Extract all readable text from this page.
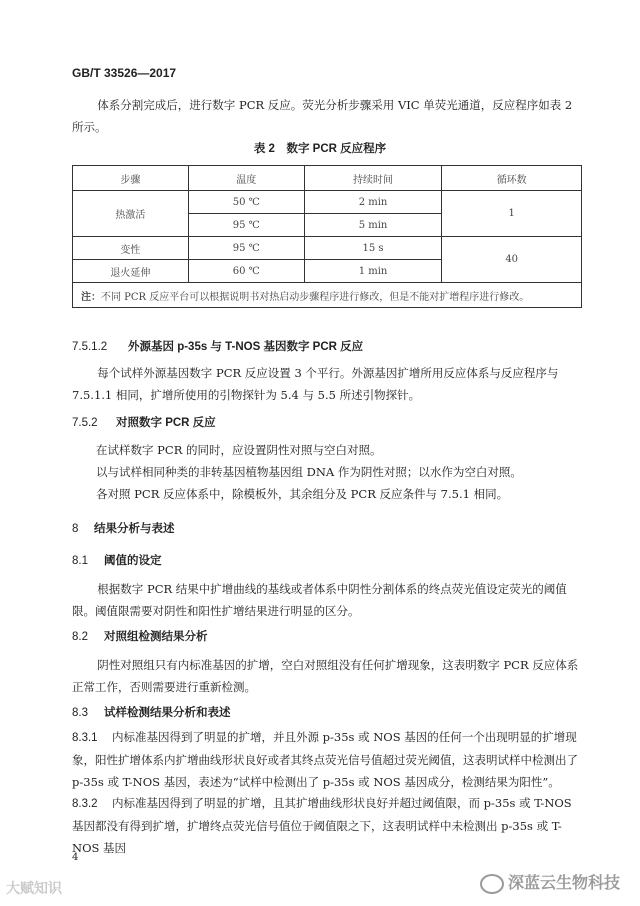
GB/T 33526—2017
体系分割完成后，进行数字 PCR 反应。荧光分析步骤采用 VIC 单荧光通道，反应程序如表 2 所示。
表 2　数字 PCR 反应程序
步骤	温度	持续时间	循环数
热激活	50 ℃	2 min	1
	95 ℃	5 min	
变性	95 ℃	15 s	40
退火延伸	60 ℃	1 min	
注：不同 PCR 反应平台可以根据说明书对热启动步骤程序进行修改，但是不能对扩增程序进行修改。			
7.5.1.2 外源基因 p-35s 与 T-NOS 基因数字 PCR 反应
每个试样外源基因数字 PCR 反应设置 3 个平行。外源基因扩增所用反应体系与反应程序与 7.5.1.1 相同，扩增所使用的引物探针为 5.4 与 5.5 所述引物探针。
7.5.2 对照数字 PCR 反应
在试样数字 PCR 的同时，应设置阴性对照与空白对照。
以与试样相同种类的非转基因植物基因组 DNA 作为阴性对照；以水作为空白对照。
各对照 PCR 反应体系中，除模板外，其余组分及 PCR 反应条件与 7.5.1 相同。
8 结果分析与表述
8.1 阈值的设定
根据数字 PCR 结果中扩增曲线的基线或者体系中阴性分割体系的终点荧光值设定荧光的阈值限。阈值限需要对阴性和阳性扩增结果进行明显的区分。
8.2 对照组检测结果分析
阴性对照组只有内标准基因的扩增，空白对照组没有任何扩增现象，这表明数字 PCR 反应体系正常工作，否则需要进行重新检测。
8.3 试样检测结果分析和表述
8.3.1 内标准基因得到了明显的扩增，并且外源 p-35s 或 NOS 基因的任何一个出现明显的扩增现象，阳性扩增体系内扩增曲线形状良好或者其终点荧光信号值超过荧光阈值，这表明试样中检测出了 p-35s 或 T-NOS 基因，表述为“试样中检测出了 p-35s 或 NOS 基因成分，检测结果为阳性”。
8.3.2 内标准基因得到了明显的扩增，且其扩增曲线形状良好并超过阈值限，而 p-35s 或 T-NOS 基因都没有得到扩增，扩增终点荧光信号值位于阈值限之下，这表明试样中未检测出 p-35s 或 T-NOS 基因
4
大赋知识	深蓝云生物科技
